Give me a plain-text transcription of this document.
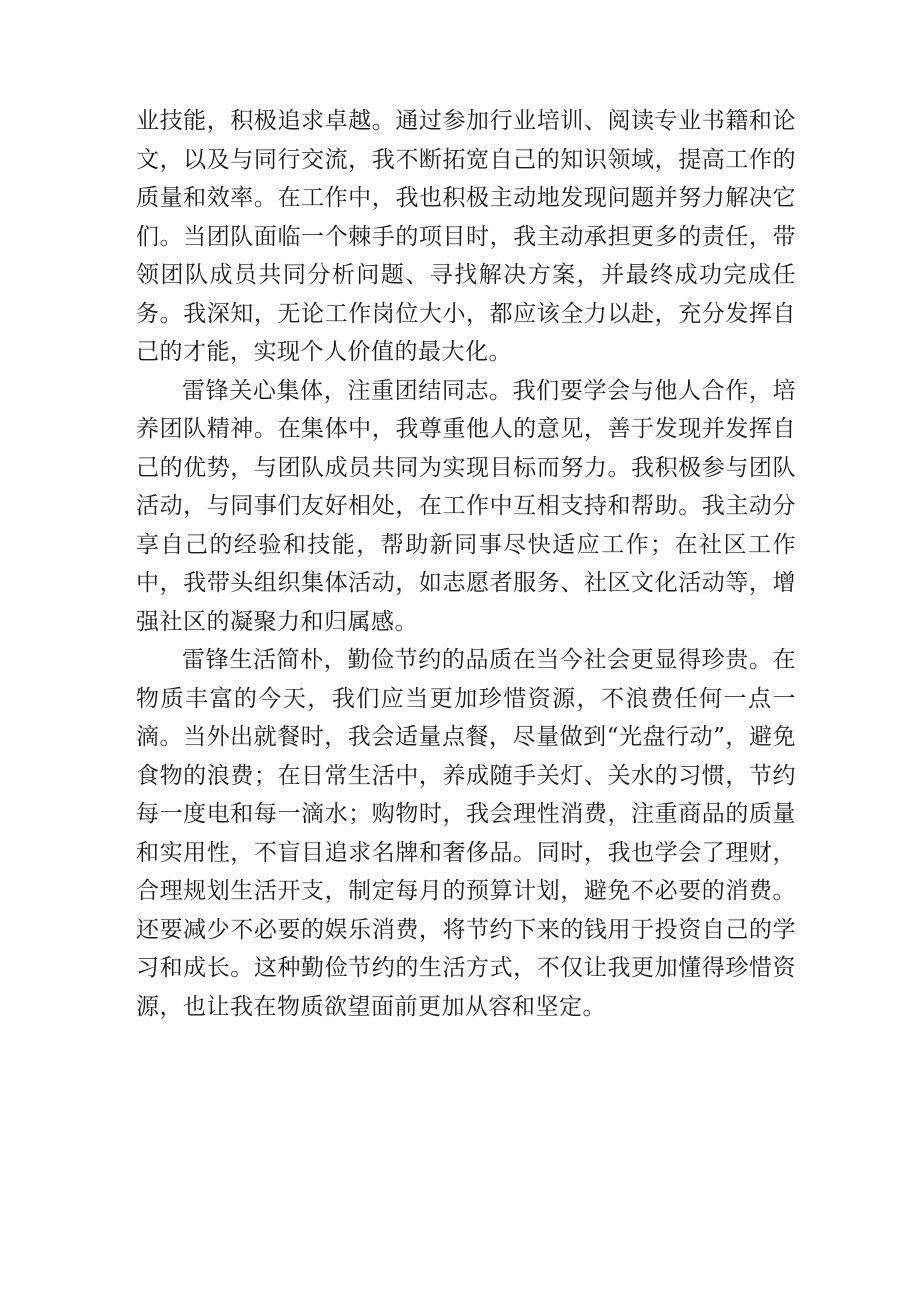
业技能，积极追求卓越。通过参加行业培训、阅读专业书籍和论文，以及与同行交流，我不断拓宽自己的知识领域，提高工作的质量和效率。在工作中，我也积极主动地发现问题并努力解决它们。当团队面临一个棘手的项目时，我主动承担更多的责任，带领团队成员共同分析问题、寻找解决方案，并最终成功完成任务。我深知，无论工作岗位大小，都应该全力以赴，充分发挥自己的才能，实现个人价值的最大化。

雷锋关心集体，注重团结同志。我们要学会与他人合作，培养团队精神。在集体中，我尊重他人的意见，善于发现并发挥自己的优势，与团队成员共同为实现目标而努力。我积极参与团队活动，与同事们友好相处，在工作中互相支持和帮助。我主动分享自己的经验和技能，帮助新同事尽快适应工作；在社区工作中，我带头组织集体活动，如志愿者服务、社区文化活动等，增强社区的凝聚力和归属感。

雷锋生活简朴，勤俭节约的品质在当今社会更显得珍贵。在物质丰富的今天，我们应当更加珍惜资源，不浪费任何一点一滴。当外出就餐时，我会适量点餐，尽量做到“光盘行动”，避免食物的浪费；在日常生活中，养成随手关灯、关水的习惯，节约每一度电和每一滴水；购物时，我会理性消费，注重商品的质量和实用性，不盲目追求名牌和奢侈品。同时，我也学会了理财，合理规划生活开支，制定每月的预算计划，避免不必要的消费。还要减少不必要的娱乐消费，将节约下来的钱用于投资自己的学习和成长。这种勤俭节约的生活方式，不仅让我更加懂得珍惜资源，也让我在物质欲望面前更加从容和坚定。
